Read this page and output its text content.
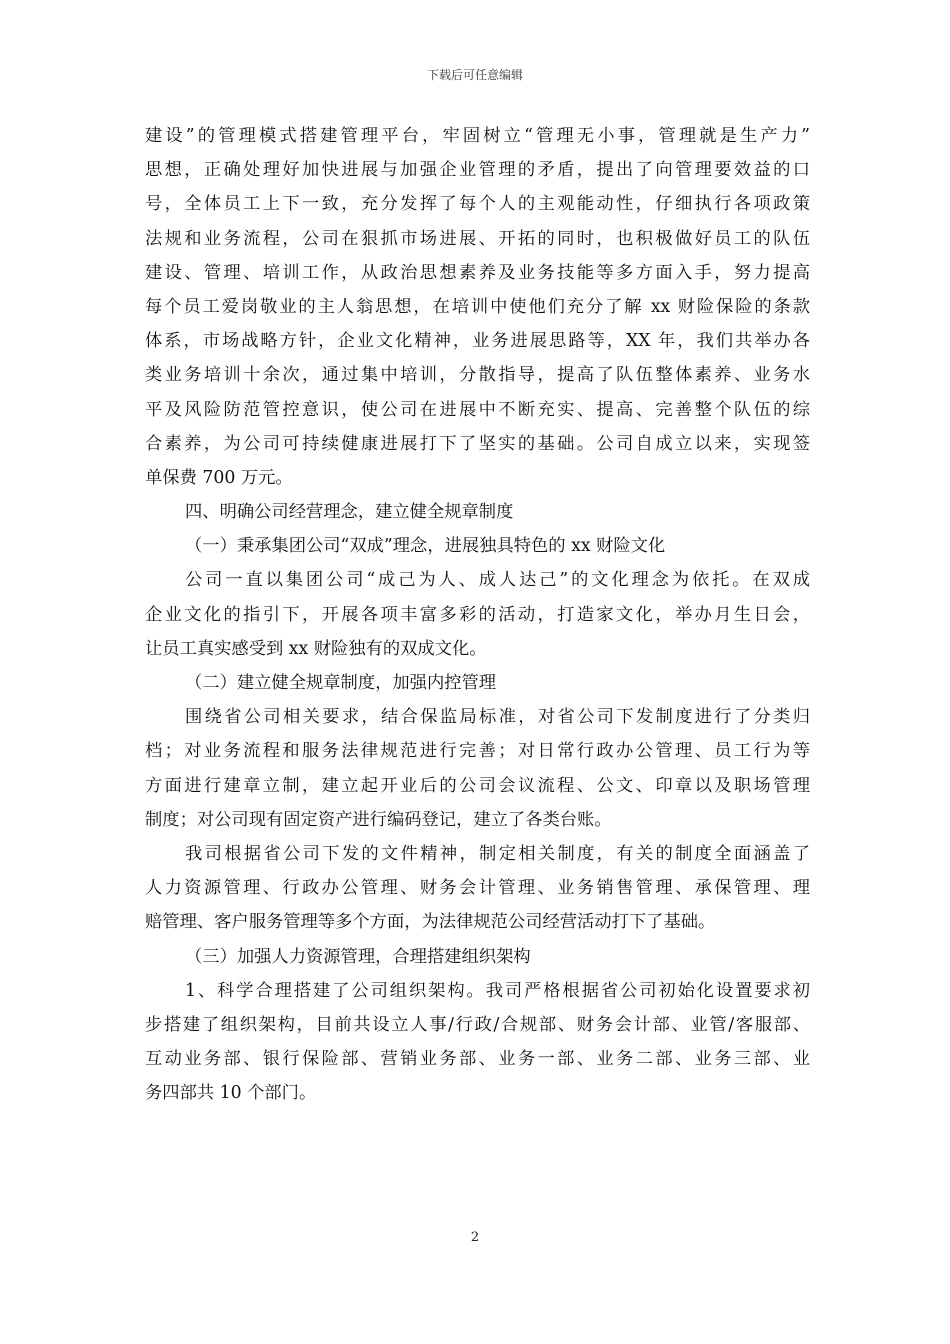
下载后可任意编辑
建设”的管理模式搭建管理平台，牢固树立“管理无小事，管理就是生产力”
思想，正确处理好加快进展与加强企业管理的矛盾，提出了向管理要效益的口
号，全体员工上下一致，充分发挥了每个人的主观能动性，仔细执行各项政策
法规和业务流程，公司在狠抓市场进展、开拓的同时，也积极做好员工的队伍
建设、管理、培训工作，从政治思想素养及业务技能等多方面入手，努力提高
每个员工爱岗敬业的主人翁思想，在培训中使他们充分了解 xx 财险保险的条款
体系，市场战略方针，企业文化精神，业务进展思路等，XX 年，我们共举办各
类业务培训十余次，通过集中培训，分散指导，提高了队伍整体素养、业务水
平及风险防范管控意识，使公司在进展中不断充实、提高、完善整个队伍的综
合素养，为公司可持续健康进展打下了坚实的基础。公司自成立以来，实现签
单保费 700 万元。
四、明确公司经营理念，建立健全规章制度
（一）秉承集团公司“双成”理念，进展独具特色的 xx 财险文化
公司一直以集团公司“成己为人、成人达己”的文化理念为依托。在双成
企业文化的指引下，开展各项丰富多彩的活动，打造家文化，举办月生日会，
让员工真实感受到 xx 财险独有的双成文化。
（二）建立健全规章制度，加强内控管理
围绕省公司相关要求，结合保监局标准，对省公司下发制度进行了分类归
档；对业务流程和服务法律规范进行完善；对日常行政办公管理、员工行为等
方面进行建章立制，建立起开业后的公司会议流程、公文、印章以及职场管理
制度；对公司现有固定资产进行编码登记，建立了各类台账。
我司根据省公司下发的文件精神，制定相关制度，有关的制度全面涵盖了
人力资源管理、行政办公管理、财务会计管理、业务销售管理、承保管理、理
赔管理、客户服务管理等多个方面，为法律规范公司经营活动打下了基础。
（三）加强人力资源管理，合理搭建组织架构
1、科学合理搭建了公司组织架构。我司严格根据省公司初始化设置要求初
步搭建了组织架构，目前共设立人事/行政/合规部、财务会计部、业管/客服部、
互动业务部、银行保险部、营销业务部、业务一部、业务二部、业务三部、业
务四部共 10 个部门。
2
